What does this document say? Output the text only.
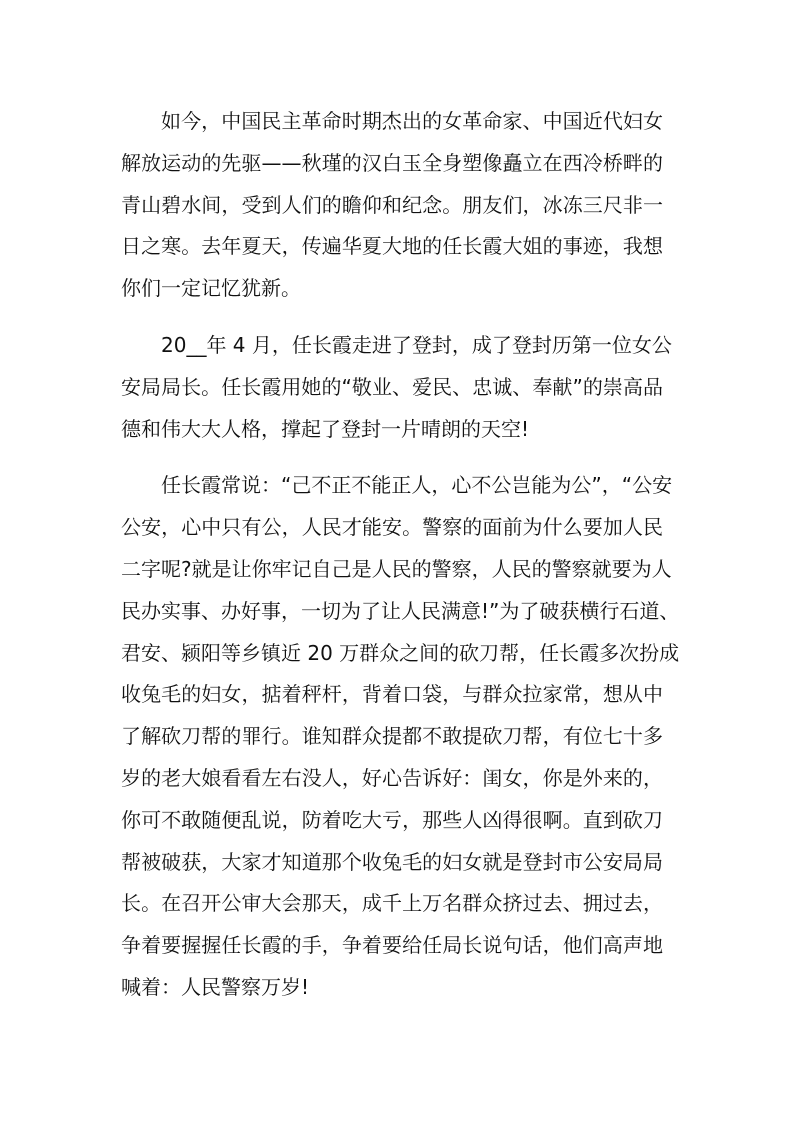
如今，中国民主革命时期杰出的女革命家、中国近代妇女
解放运动的先驱——秋瑾的汉白玉全身塑像矗立在西冷桥畔的
青山碧水间，受到人们的瞻仰和纪念。朋友们，冰冻三尺非一
日之寒。去年夏天，传遍华夏大地的任长霞大姐的事迹，我想
你们一定记忆犹新。
20__年 4 月，任长霞走进了登封，成了登封历第一位女公
安局局长。任长霞用她的“敬业、爱民、忠诚、奉献”的崇高品
德和伟大大人格，撑起了登封一片晴朗的天空!
任长霞常说：“己不正不能正人，心不公岂能为公”，“公安
公安，心中只有公，人民才能安。警察的面前为什么要加人民
二字呢?就是让你牢记自己是人民的警察，人民的警察就要为人
民办实事、办好事，一切为了让人民满意!”为了破获横行石道、
君安、颍阳等乡镇近 20 万群众之间的砍刀帮，任长霞多次扮成
收兔毛的妇女，掂着秤杆，背着口袋，与群众拉家常，想从中
了解砍刀帮的罪行。谁知群众提都不敢提砍刀帮，有位七十多
岁的老大娘看看左右没人，好心告诉好：闺女，你是外来的，
你可不敢随便乱说，防着吃大亏，那些人凶得很啊。直到砍刀
帮被破获，大家才知道那个收兔毛的妇女就是登封市公安局局
长。在召开公审大会那天，成千上万名群众挤过去、拥过去，
争着要握握任长霞的手，争着要给任局长说句话，他们高声地
喊着：人民警察万岁!
